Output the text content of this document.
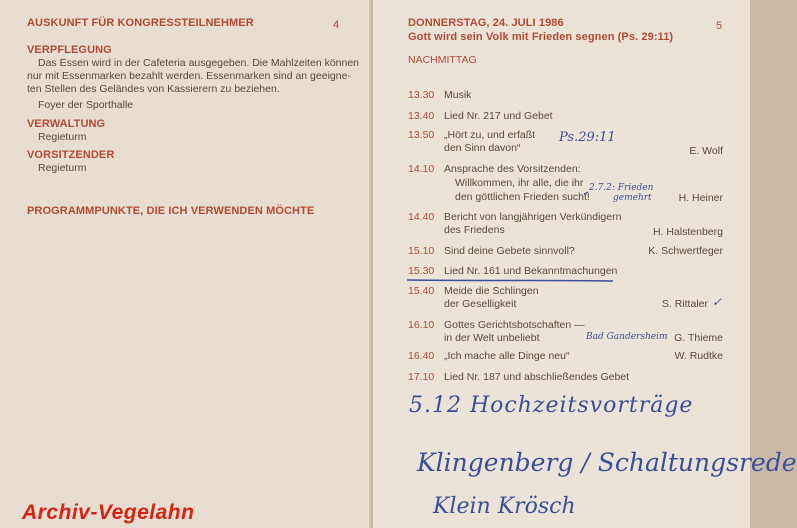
AUSKUNFT FÜR KONGRESSTEILNEHMER	4
VERPFLEGUNG
Das Essen wird in der Cafeteria ausgegeben. Die Mahlzeiten können
nur mit Essenmarken bezahlt werden. Essenmarken sind an geeigne-
ten Stellen des Geländes von Kassierern zu beziehen.
Foyer der Sporthalle
VERWALTUNG
Regieturm
VORSITZENDER
Regieturm
PROGRAMMPUNKTE, DIE ICH VERWENDEN MÖCHTE
DONNERSTAG, 24. JULI 1986	5
Gott wird sein Volk mit Frieden segnen (Ps. 29:11)
NACHMITTAG
13.30 Musik
13.40 Lied Nr. 217 und Gebet
13.50 „Hört zu, und erfaßt
den Sinn davon“	E. Wolf
14.10 Ansprache des Vorsitzenden:
Willkommen, ihr alle, die ihr
den göttlichen Frieden sucht!	H. Heiner
14.40 Bericht von langjährigen Verkündigern
des Friedens	H. Halstenberg
15.10 Sind deine Gebete sinnvoll?	K. Schwertfeger
15.30 Lied Nr. 161 und Bekanntmachungen
15.40 Meide die Schlingen
der Geselligkeit	S. Rittaler
16.10 Gottes Gerichtsbotschaften —
in der Welt unbeliebt	G. Thieme
16.40 „Ich mache alle Dinge neu“	W. Rudtke
17.10 Lied Nr. 187 und abschließendes Gebet
Ps.29:11
2.7.2: Frieden
gemehrt
Bad Gandersheim
✓
5.12 Hochzeitsvorträge
Klingenberg / Schaltungsrede
Klein Krösch
Archiv-Vegelahn
